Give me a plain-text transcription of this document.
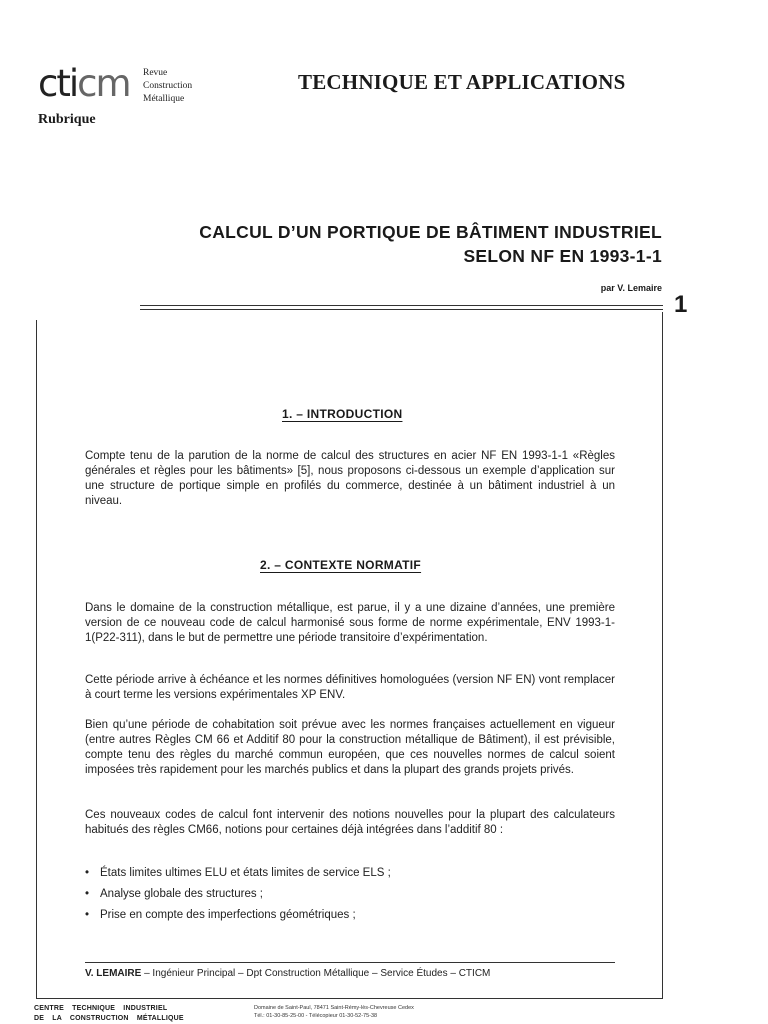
cticm Revue
Construction
Métallique
Rubrique
TECHNIQUE ET APPLICATIONS
CALCUL D’UN PORTIQUE DE BÂTIMENT INDUSTRIEL
SELON NF EN 1993-1-1
par V. Lemaire
1
1. – INTRODUCTION
Compte tenu de la parution de la norme de calcul des structures en acier NF EN 1993-1-1 «Règles générales et règles pour les bâtiments» [5], nous proposons ci-dessous un exemple d’application sur une structure de portique simple en profilés du commerce, destinée à un bâtiment industriel à un niveau.
2. – CONTEXTE NORMATIF
Dans le domaine de la construction métallique, est parue, il y a une dizaine d’années, une première version de ce nouveau code de calcul harmonisé sous forme de norme expérimentale, ENV 1993-1-1(P22-311), dans le but de permettre une période transitoire d’expérimentation.
Cette période arrive à échéance et les normes définitives homologuées (version NF EN) vont remplacer à court terme les versions expérimentales XP ENV.
Bien qu’une période de cohabitation soit prévue avec les normes françaises actuellement en vigueur (entre autres Règles CM 66 et Additif 80 pour la construction métallique de Bâtiment), il est prévisible, compte tenu des règles du marché commun européen, que ces nouvelles normes de calcul soient imposées très rapidement pour les marchés publics et dans la plupart des grands projets privés.
Ces nouveaux codes de calcul font intervenir des notions nouvelles pour la plupart des calculateurs habitués des règles CM66, notions pour certaines déjà intégrées dans l’additif 80 :
• États limites ultimes ELU et états limites de service ELS ;
• Analyse globale des structures ;
• Prise en compte des imperfections géométriques ;
V. LEMAIRE – Ingénieur Principal – Dpt Construction Métallique – Service Études – CTICM
CENTRE TECHNIQUE INDUSTRIEL
DE LA CONSTRUCTION MÉTALLIQUE
Domaine de Saint-Paul, 78471 Saint-Rémy-lès-Chevreuse Cedex
Tél.: 01-30-85-25-00 - Télécopieur 01-30-52-75-38
